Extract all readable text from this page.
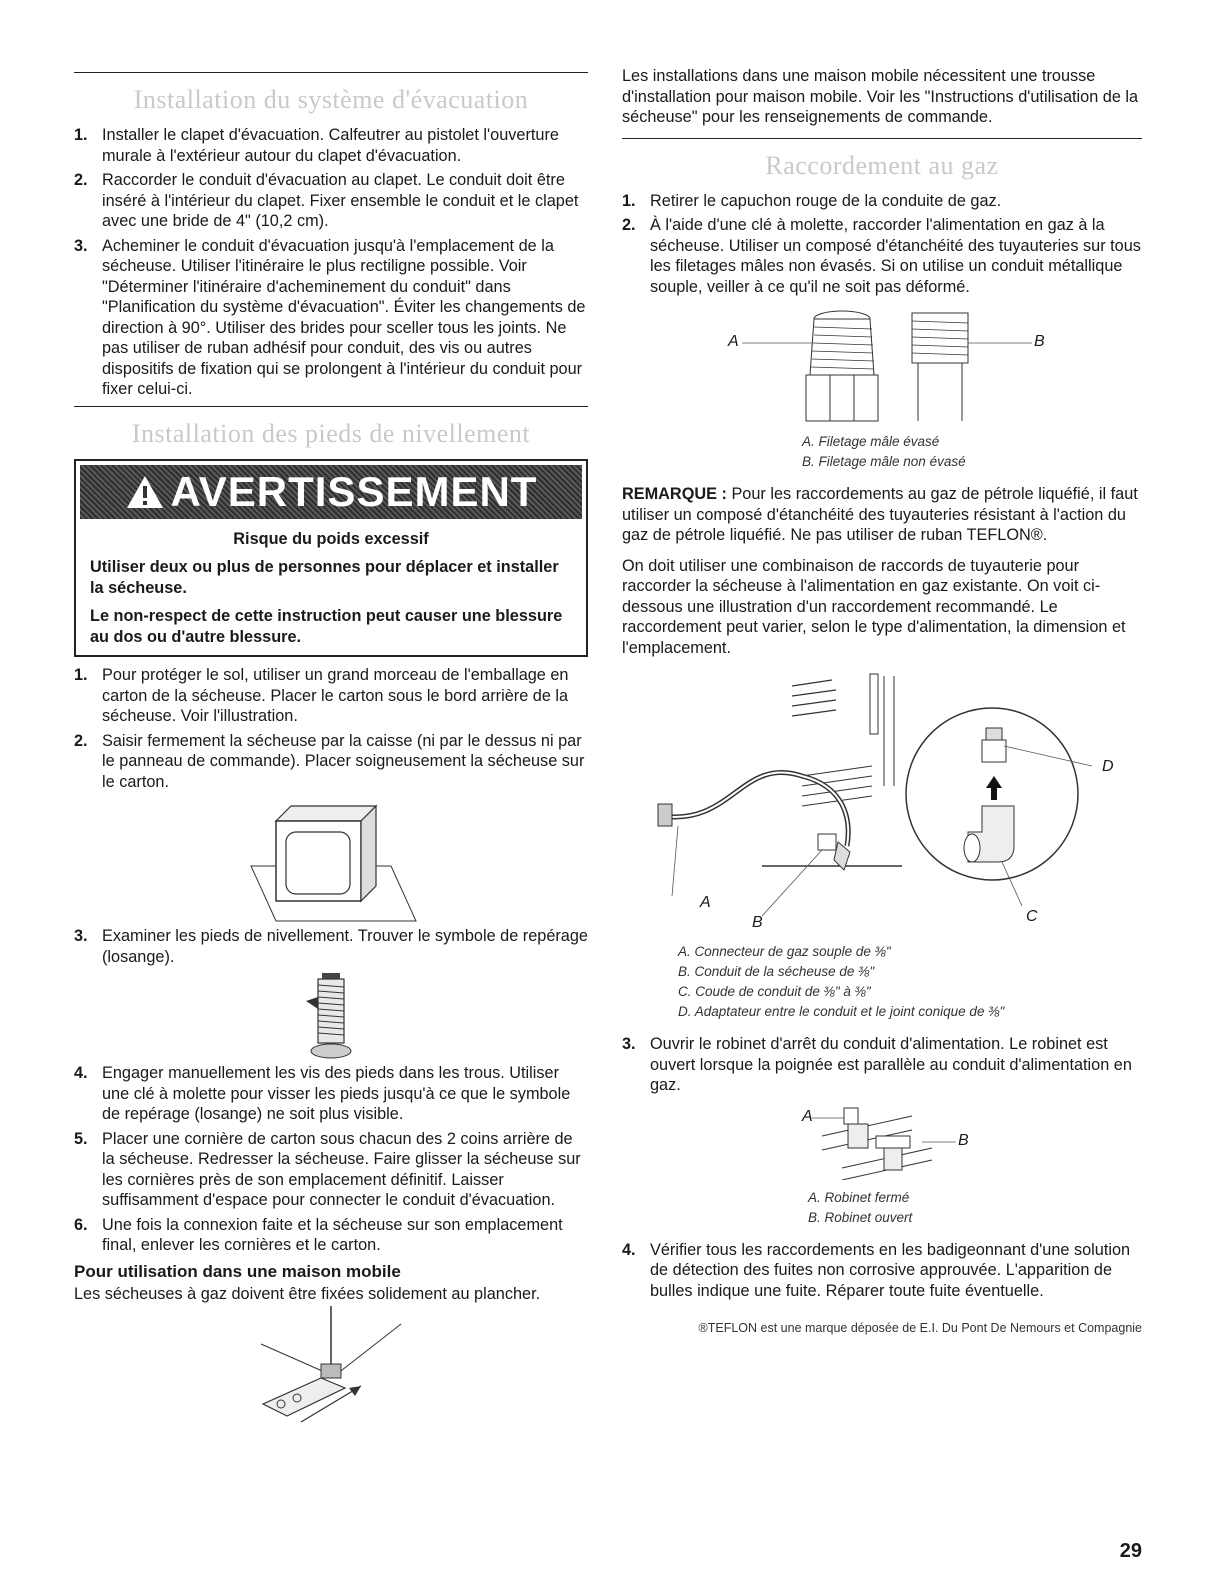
Installation du système d'évacuation
1. Installer le clapet d'évacuation. Calfeutrer au pistolet l'ouverture murale à l'extérieur autour du clapet d'évacuation.
2. Raccorder le conduit d'évacuation au clapet. Le conduit doit être inséré à l'intérieur du clapet. Fixer ensemble le conduit et le clapet avec une bride de 4" (10,2 cm).
3. Acheminer le conduit d'évacuation jusqu'à l'emplacement de la sécheuse. Utiliser l'itinéraire le plus rectiligne possible. Voir "Déterminer l'itinéraire d'acheminement du conduit" dans "Planification du système d'évacuation". Éviter les changements de direction à 90°. Utiliser des brides pour sceller tous les joints. Ne pas utiliser de ruban adhésif pour conduit, des vis ou autres dispositifs de fixation qui se prolongent à l'intérieur du conduit pour fixer celui-ci.
Installation des pieds de nivellement
AVERTISSEMENT
Risque du poids excessif
Utiliser deux ou plus de personnes pour déplacer et installer la sécheuse.
Le non-respect de cette instruction peut causer une blessure au dos ou d'autre blessure.
1. Pour protéger le sol, utiliser un grand morceau de l'emballage en carton de la sécheuse. Placer le carton sous le bord arrière de la sécheuse. Voir l'illustration.
2. Saisir fermement la sécheuse par la caisse (ni par le dessus ni par le panneau de commande). Placer soigneusement la sécheuse sur le carton.
3. Examiner les pieds de nivellement. Trouver le symbole de repérage (losange).
4. Engager manuellement les vis des pieds dans les trous. Utiliser une clé à molette pour visser les pieds jusqu'à ce que le symbole de repérage (losange) ne soit plus visible.
5. Placer une cornière de carton sous chacun des 2 coins arrière de la sécheuse. Redresser la sécheuse. Faire glisser la sécheuse sur les cornières près de son emplacement définitif. Laisser suffisamment d'espace pour connecter le conduit d'évacuation.
6. Une fois la connexion faite et la sécheuse sur son emplacement final, enlever les cornières et le carton.
Pour utilisation dans une maison mobile

Les sécheuses à gaz doivent être fixées solidement au plancher.

Les installations dans une maison mobile nécessitent une trousse d'installation pour maison mobile. Voir les "Instructions d'utilisation de la sécheuse" pour les renseignements de commande.

Raccordement au gaz
1. Retirer le capuchon rouge de la conduite de gaz.
2. À l'aide d'une clé à molette, raccorder l'alimentation en gaz à la sécheuse. Utiliser un composé d'étanchéité des tuyauteries sur tous les filetages mâles non évasés. Si on utilise un conduit métallique souple, veiller à ce qu'il ne soit pas déformé.
A	B
A. Filetage mâle évasé
B. Filetage mâle non évasé

REMARQUE : Pour les raccordements au gaz de pétrole liquéfié, il faut utiliser un composé d'étanchéité des tuyauteries résistant à l'action du gaz de pétrole liquéfié. Ne pas utiliser de ruban TEFLON®.

On doit utiliser une combinaison de raccords de tuyauterie pour raccorder la sécheuse à l'alimentation en gaz existante. On voit ci-dessous une illustration d'un raccordement recommandé. Le raccordement peut varier, selon le type d'alimentation, la dimension et l'emplacement.

D
A
B	C
A. Connecteur de gaz souple de ⅜"
B. Conduit de la sécheuse de ⅜"
C. Coude de conduit de ⅜" à ⅜"
D. Adaptateur entre le conduit et le joint conique de ⅜"
3. Ouvrir le robinet d'arrêt du conduit d'alimentation. Le robinet est ouvert lorsque la poignée est parallèle au conduit d'alimentation en gaz.
A
B
A. Robinet fermé
B. Robinet ouvert
4. Vérifier tous les raccordements en les badigeonnant d'une solution de détection des fuites non corrosive approuvée. L'apparition de bulles indique une fuite. Réparer toute fuite éventuelle.
®TEFLON est une marque déposée de E.I. Du Pont De Nemours et Compagnie
29
